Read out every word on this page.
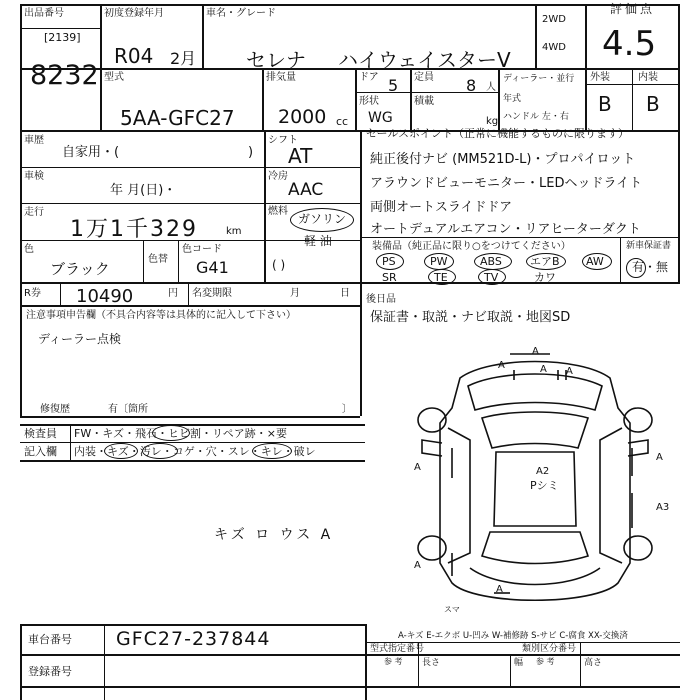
出品番号
[2139]
8232
初度登録年月
R04 2月
車名・グレード
セレナ ハイウェイスターV
2WD
4WD
評価点
4.5
型式
5AA-GFC27
排気量
2000 cc
ドア 5 定員 8 人
形状
WG
積載
kg
ディーラー・並行
年式
ハンドル 左・右
外装	内装
B B
車歴
自家用・(	)
シフト
AT
車検
年 月(日)・
冷房
AAC
走行
1万1千329	km
燃料
ガソリン
軽 油
( )
色
ブラック
色替
色コード
G41
R券 10490	円 名変期限	月	日
注意事項申告欄（不具合内容等は具体的に記入して下さい）
ディーラー点検
修復歴	有〔箇所	〕
セールスポイント（正常に機能するものに限ります）
純正後付ナビ (MM521D-L)・プロパイロット
アラウンドビューモニター・LEDヘッドライト
両側オートスライドドア
オートデュアルエアコン・リアヒーターダクト
装備品（純正品に限り○をつけてください）	新車保証書
PS	PW	ABS	エアB AW
SR	TE	TV	カワ
有・無
後日品
保証書・取説・ナビ取説・地図SD
検査員
記入欄
FW・キズ・飛石・ヒビ割・リペア跡・×要
内装・キズ・汚レ・コゲ・穴・スレ・キレ・破レ
キズ ロ ウス A
A
A	A A
A	A2
Pシミ
A
A3
A
A
スマ
A-キズ E-エクボ U-凹み W-補修跡 S-サビ C-腐食 XX-交換済
車台番号 GFC27-237844
登録番号
型式指定番号
参 考 長さ	幅	高さ
類別区分番号
参 考
